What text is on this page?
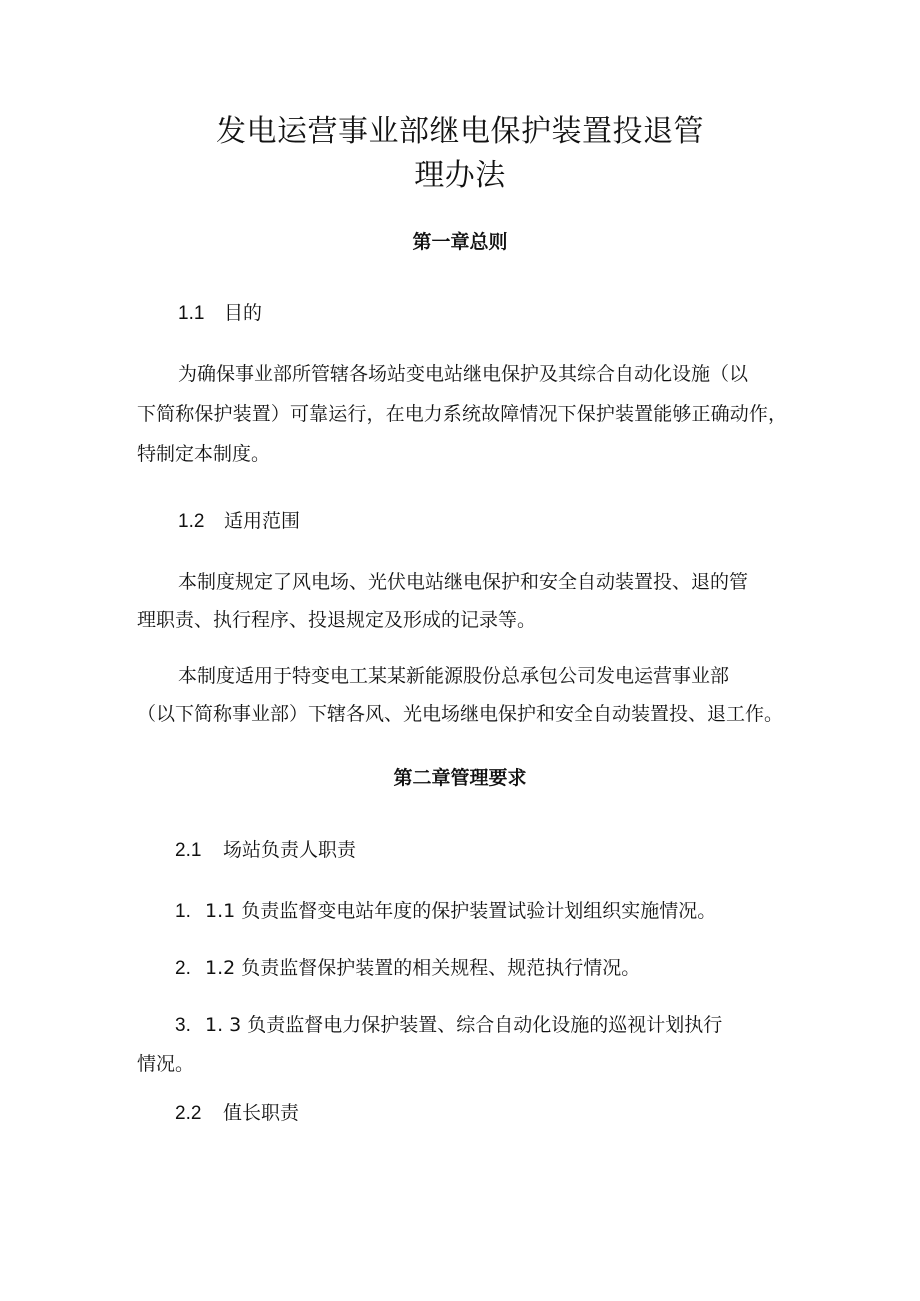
发电运营事业部继电保护装置投退管
理办法
第一章总则
1.1 目的
为确保事业部所管辖各场站变电站继电保护及其综合自动化设施（以
下简称保护装置）可靠运行，在电力系统故障情况下保护装置能够正确动作，
特制定本制度。
1.2 适用范围
本制度规定了风电场、光伏电站继电保护和安全自动装置投、退的管
理职责、执行程序、投退规定及形成的记录等。
本制度适用于特变电工某某新能源股份总承包公司发电运营事业部
（以下简称事业部）下辖各风、光电场继电保护和安全自动装置投、退工作。
第二章管理要求
2.1 场站负责人职责
1. 1.1 负责监督变电站年度的保护装置试验计划组织实施情况。
2. 1.2 负责监督保护装置的相关规程、规范执行情况。
3. 1. 3 负责监督电力保护装置、综合自动化设施的巡视计划执行
情况。
2.2 值长职责
